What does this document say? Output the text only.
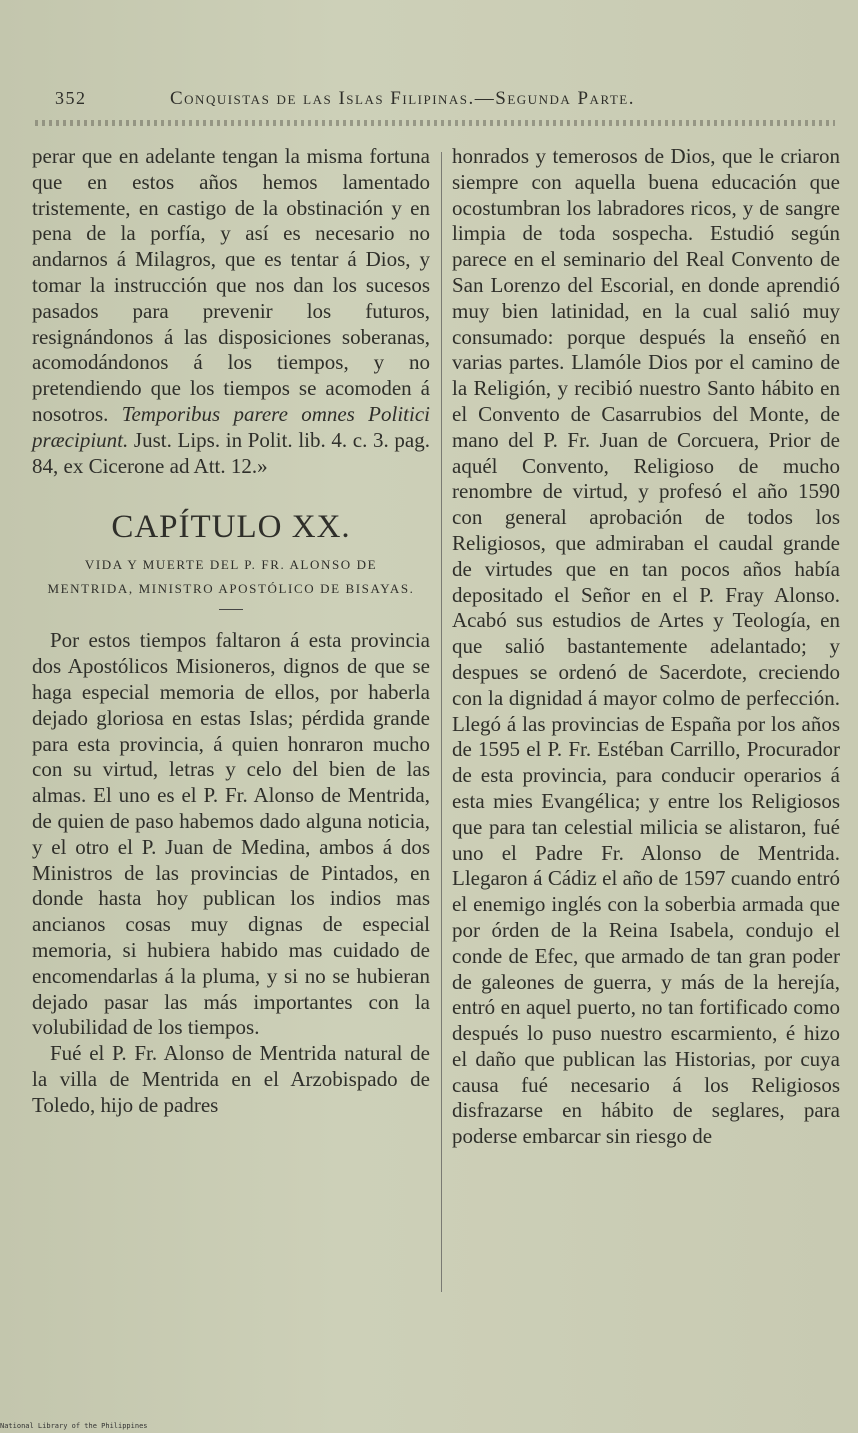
352	Conquistas de las Islas Filipinas.—Segunda Parte.

perar que en adelante tengan la misma fortuna que en estos años hemos lamentado tristemente, en castigo de la obstinación y en pena de la porfía, y así es necesario no andarnos á Milagros, que es tentar á Dios, y tomar la instrucción que nos dan los sucesos pasados para prevenir los futuros, resignándonos á las disposiciones soberanas, acomodándonos á los tiempos, y no pretendiendo que los tiempos se acomoden á nosotros. Temporibus parere omnes Politici præcipiunt. Just. Lips. in Polit. lib. 4. c. 3. pag. 84, ex Cicerone ad Att. 12.»

CAPÍTULO XX.
VIDA Y MUERTE DEL P. FR. ALONSO DE MENTRIDA, MINISTRO APOSTÓLICO DE BISAYAS.

Por estos tiempos faltaron á esta provincia dos Apostólicos Misioneros, dignos de que se haga especial memoria de ellos, por haberla dejado gloriosa en estas Islas; pérdida grande para esta provincia, á quien honraron mucho con su virtud, letras y celo del bien de las almas. El uno es el P. Fr. Alonso de Mentrida, de quien de paso habemos dado alguna noticia, y el otro el P. Juan de Medina, ambos á dos Ministros de las provincias de Pintados, en donde hasta hoy publican los indios mas ancianos cosas muy dignas de especial memoria, si hubiera habido mas cuidado de encomendarlas á la pluma, y si no se hubieran dejado pasar las más importantes con la volubilidad de los tiempos.

Fué el P. Fr. Alonso de Mentrida natural de la villa de Mentrida en el Arzobispado de Toledo, hijo de padres

honrados y temerosos de Dios, que le criaron siempre con aquella buena educación que ocostumbran los labradores ricos, y de sangre limpia de toda sospecha. Estudió según parece en el seminario del Real Convento de San Lorenzo del Escorial, en donde aprendió muy bien latinidad, en la cual salió muy consumado: porque después la enseñó en varias partes. Llamóle Dios por el camino de la Religión, y recibió nuestro Santo hábito en el Convento de Casarrubios del Monte, de mano del P. Fr. Juan de Corcuera, Prior de aquél Convento, Religioso de mucho renombre de virtud, y profesó el año 1590 con general aprobación de todos los Religiosos, que admiraban el caudal grande de virtudes que en tan pocos años había depositado el Señor en el P. Fray Alonso. Acabó sus estudios de Artes y Teología, en que salió bastantemente adelantado; y despues se ordenó de Sacerdote, creciendo con la dignidad á mayor colmo de perfección. Llegó á las provincias de España por los años de 1595 el P. Fr. Estéban Carrillo, Procurador de esta provincia, para conducir operarios á esta mies Evangélica; y entre los Religiosos que para tan celestial milicia se alistaron, fué uno el Padre Fr. Alonso de Mentrida. Llegaron á Cádiz el año de 1597 cuando entró el enemigo inglés con la soberbia armada que por órden de la Reina Isabela, condujo el conde de Efec, que armado de tan gran poder de galeones de guerra, y más de la herejía, entró en aquel puerto, no tan fortificado como después lo puso nuestro escarmiento, é hizo el daño que publican las Historias, por cuya causa fué necesario á los Religiosos disfrazarse en hábito de seglares, para poderse embarcar sin riesgo de

National Library of the Philippines
